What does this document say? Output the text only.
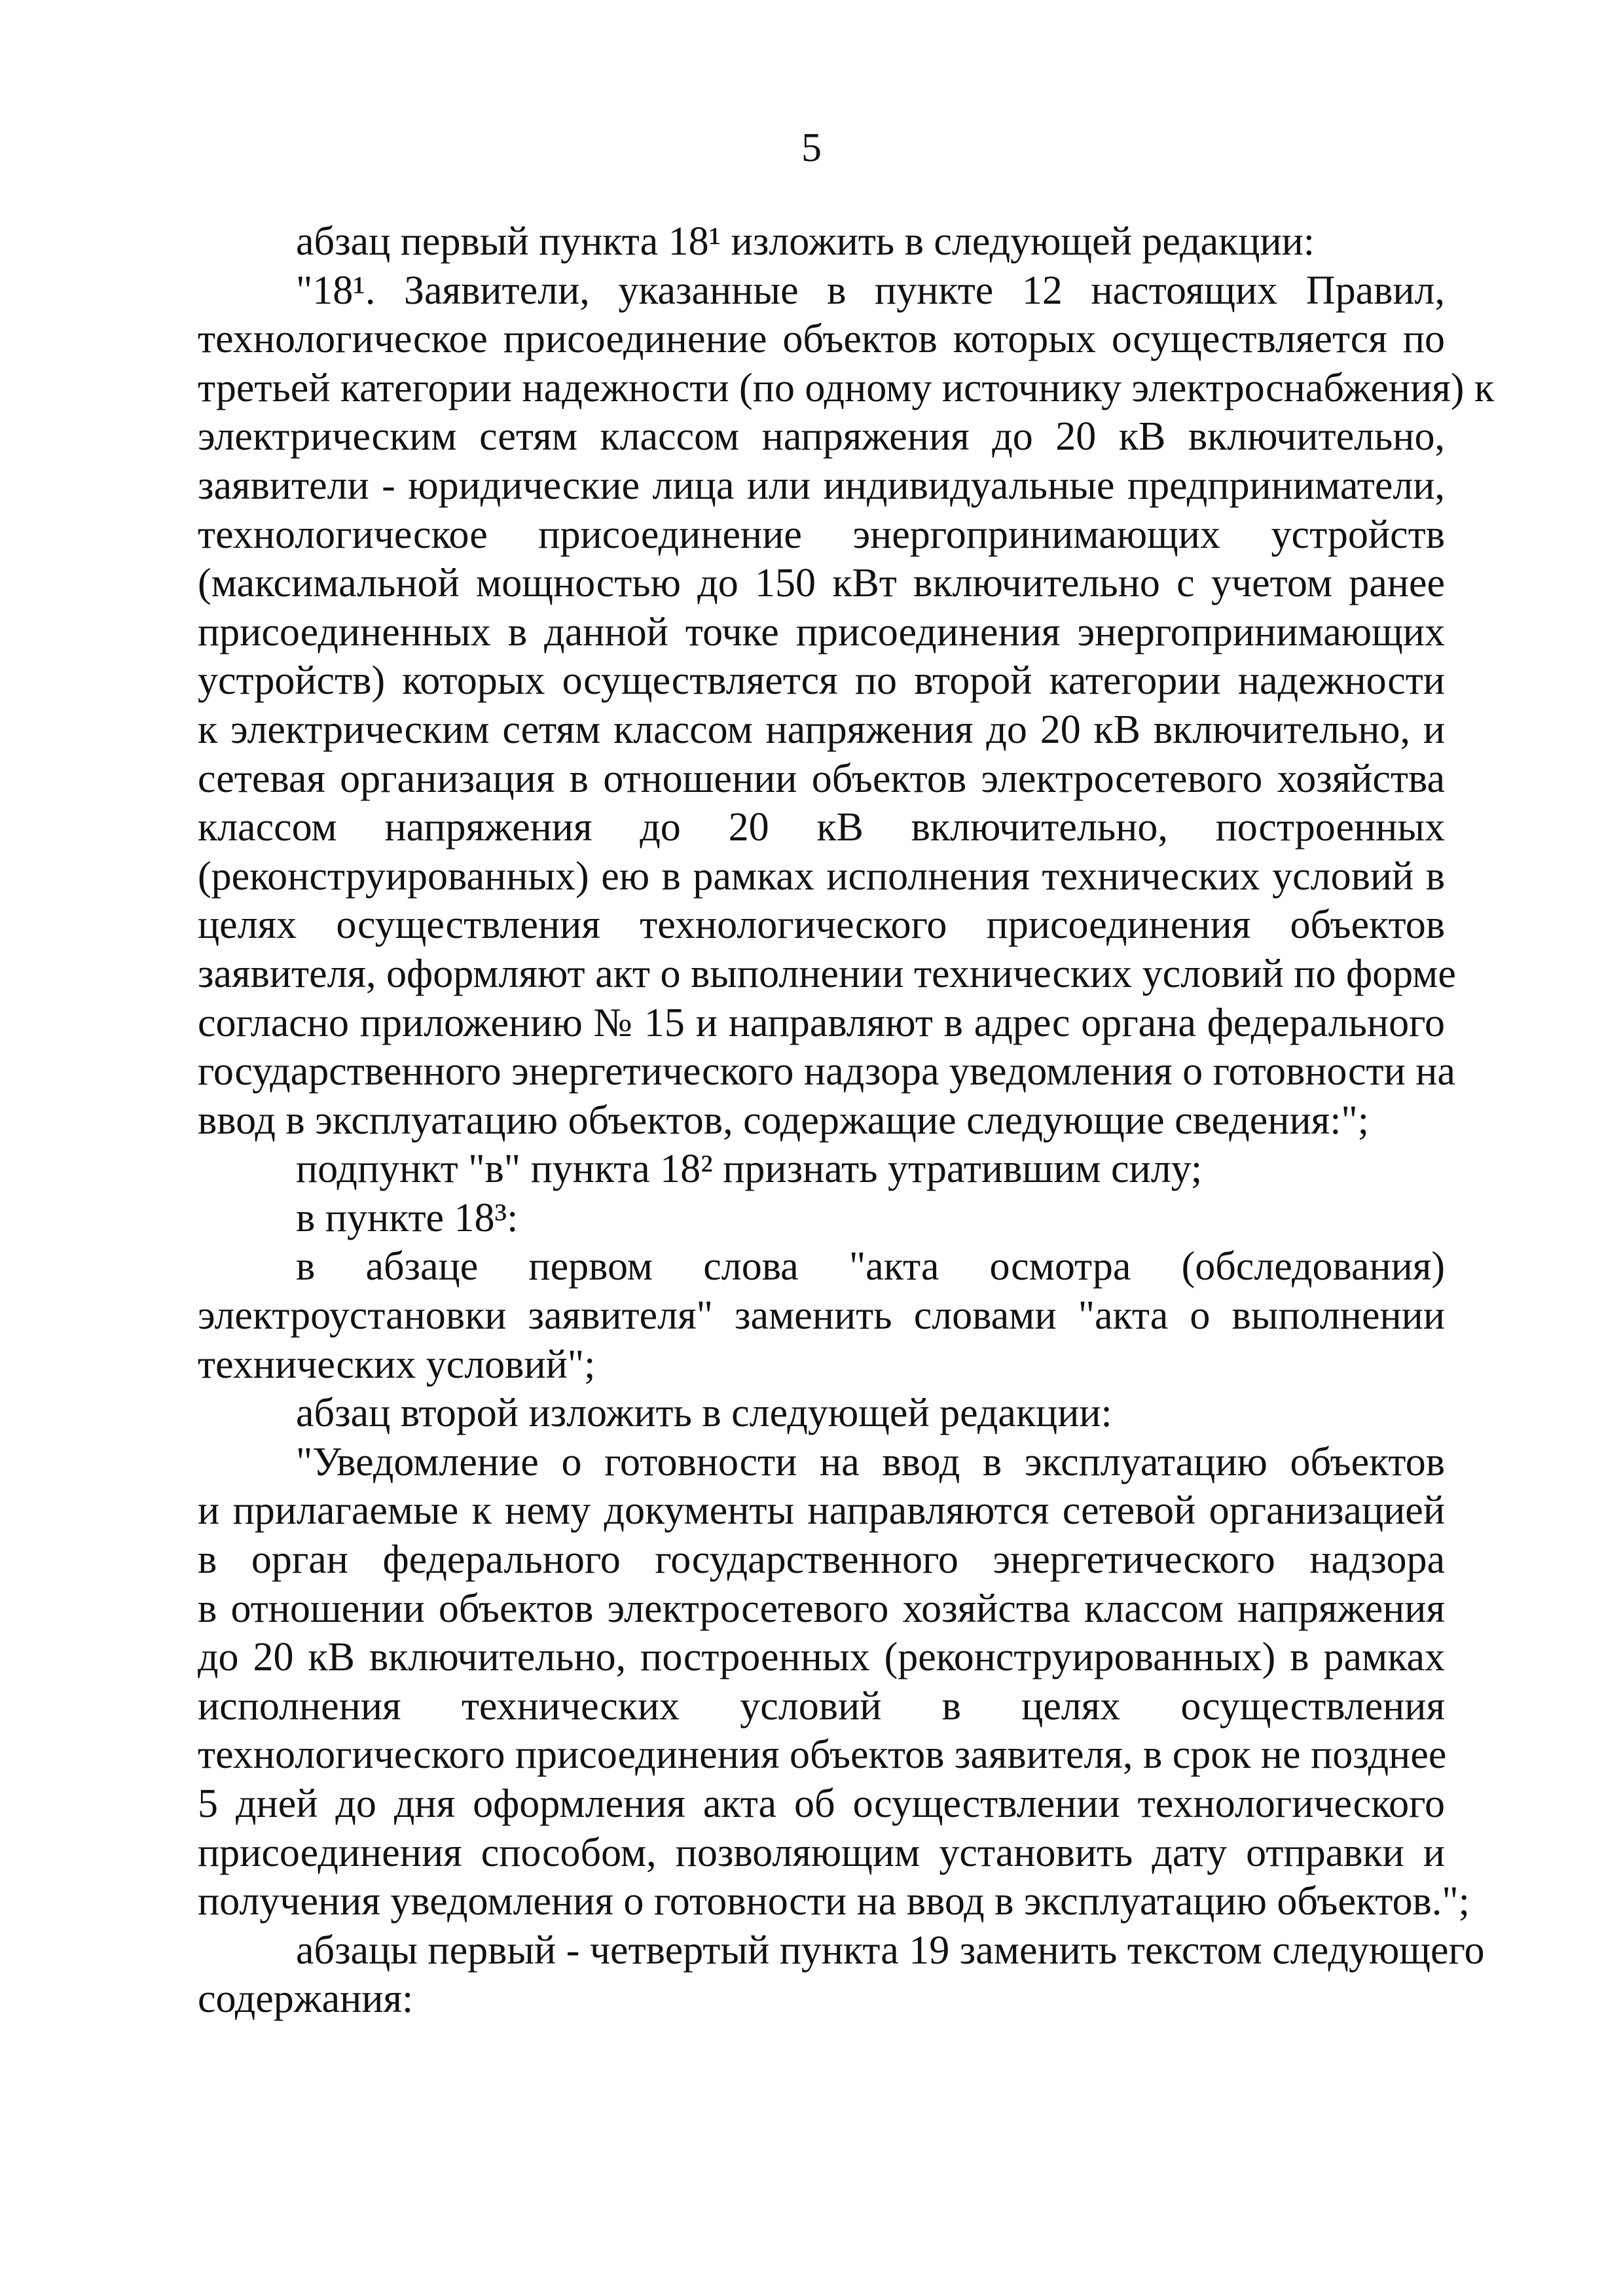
5
абзац первый пункта 18¹ изложить в следующей редакции:
"18¹. Заявители, указанные в пункте 12 настоящих Правил,
технологическое присоединение объектов которых осуществляется по
третьей категории надежности (по одному источнику электроснабжения) к
электрическим сетям классом напряжения до 20 кВ включительно,
заявители - юридические лица или индивидуальные предприниматели,
технологическое присоединение энергопринимающих устройств
(максимальной мощностью до 150 кВт включительно с учетом ранее
присоединенных в данной точке присоединения энергопринимающих
устройств) которых осуществляется по второй категории надежности
к электрическим сетям классом напряжения до 20 кВ включительно, и
сетевая организация в отношении объектов электросетевого хозяйства
классом напряжения до 20 кВ включительно, построенных
(реконструированных) ею в рамках исполнения технических условий в
целях осуществления технологического присоединения объектов
заявителя, оформляют акт о выполнении технических условий по форме
согласно приложению № 15 и направляют в адрес органа федерального
государственного энергетического надзора уведомления о готовности на
ввод в эксплуатацию объектов, содержащие следующие сведения:";
подпункт "в" пункта 18² признать утратившим силу;
в пункте 18³:
в абзаце первом слова "акта осмотра (обследования)
электроустановки заявителя" заменить словами "акта о выполнении
технических условий";
абзац второй изложить в следующей редакции:
"Уведомление о готовности на ввод в эксплуатацию объектов
и прилагаемые к нему документы направляются сетевой организацией
в орган федерального государственного энергетического надзора
в отношении объектов электросетевого хозяйства классом напряжения
до 20 кВ включительно, построенных (реконструированных) в рамках
исполнения технических условий в целях осуществления
технологического присоединения объектов заявителя, в срок не позднее
5 дней до дня оформления акта об осуществлении технологического
присоединения способом, позволяющим установить дату отправки и
получения уведомления о готовности на ввод в эксплуатацию объектов.";
абзацы первый - четвертый пункта 19 заменить текстом следующего
содержания:
